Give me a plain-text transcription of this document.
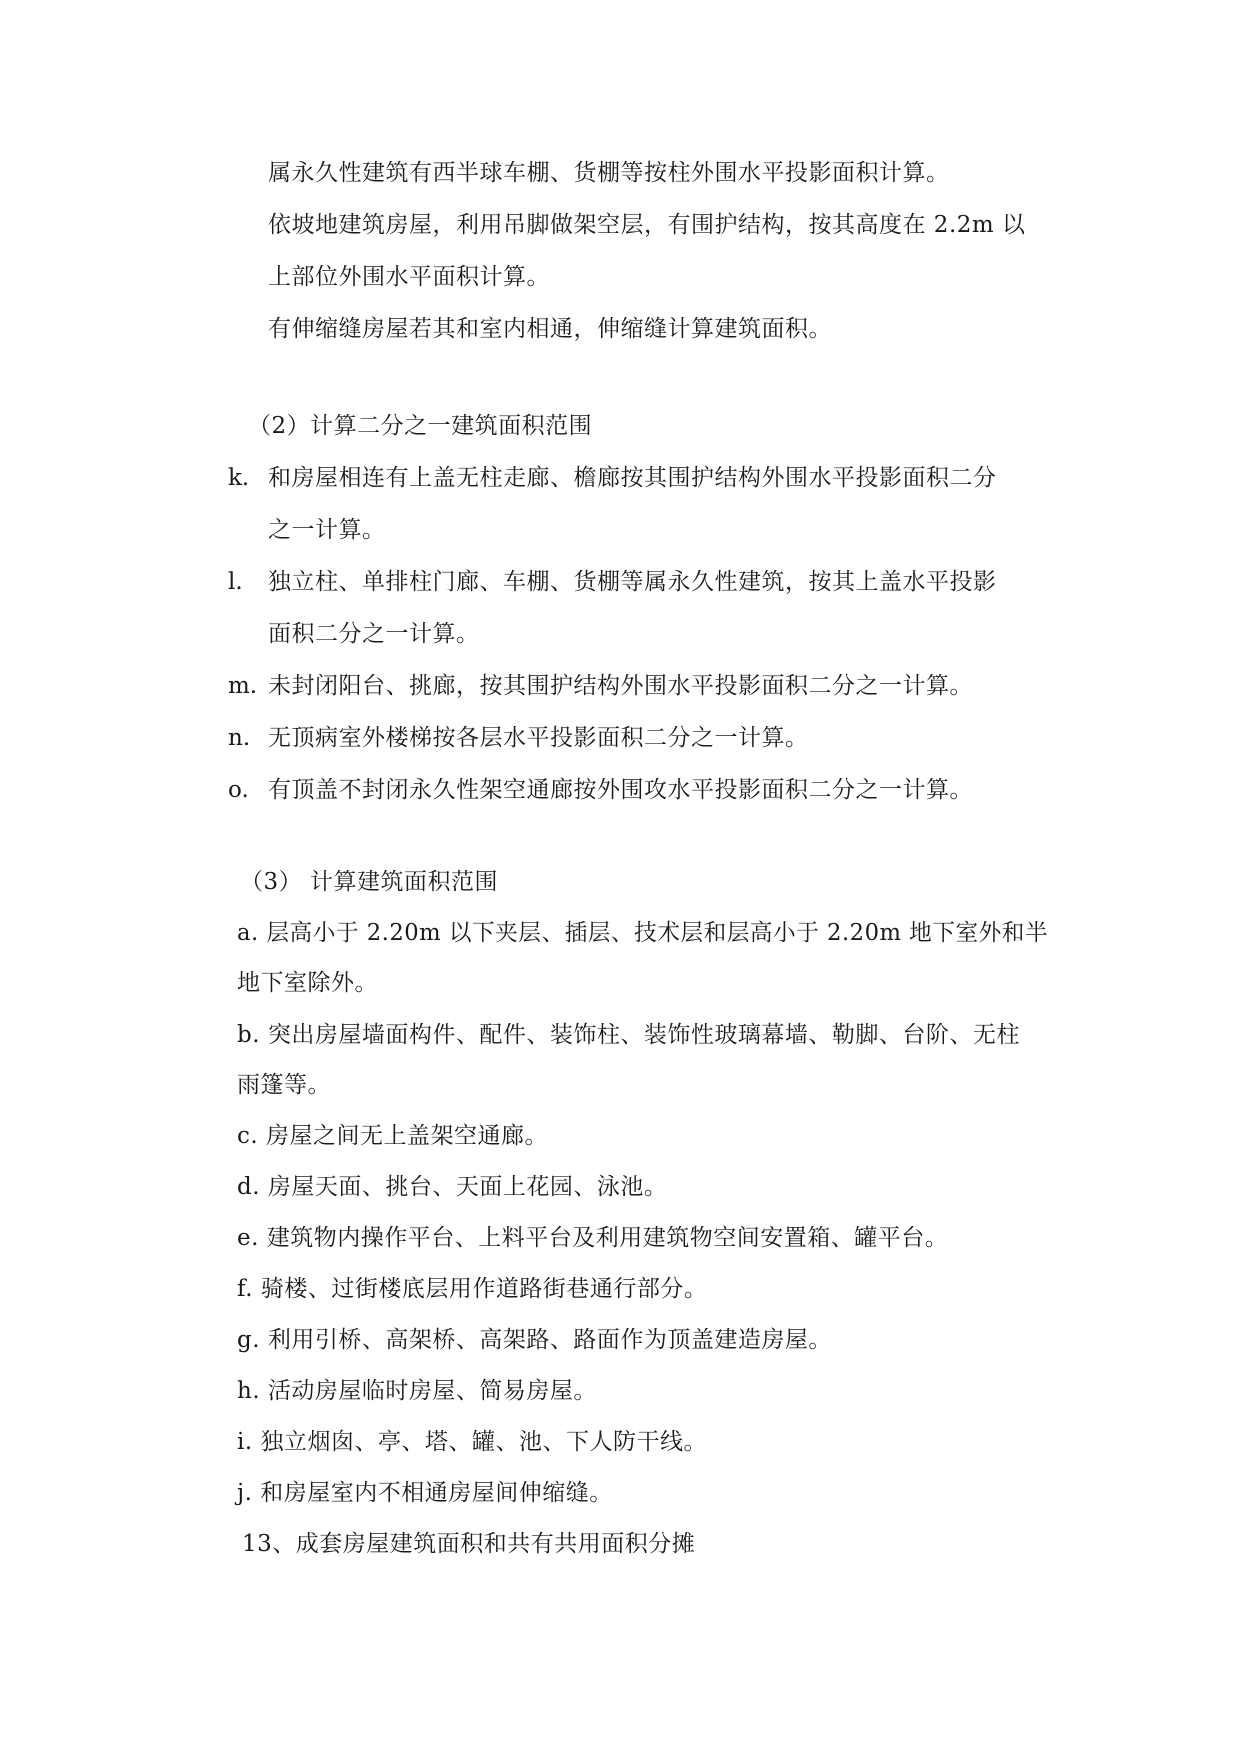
属永久性建筑有西半球车棚、货棚等按柱外围水平投影面积计算。
依坡地建筑房屋，利用吊脚做架空层，有围护结构，按其高度在 2.2m 以
上部位外围水平面积计算。
有伸缩缝房屋若其和室内相通，伸缩缝计算建筑面积。
（2）计算二分之一建筑面积范围
k. 和房屋相连有上盖无柱走廊、檐廊按其围护结构外围水平投影面积二分
之一计算。
l. 独立柱、单排柱门廊、车棚、货棚等属永久性建筑，按其上盖水平投影
面积二分之一计算。
m. 未封闭阳台、挑廊，按其围护结构外围水平投影面积二分之一计算。
n. 无顶病室外楼梯按各层水平投影面积二分之一计算。
o. 有顶盖不封闭永久性架空通廊按外围攻水平投影面积二分之一计算。
（3） 计算建筑面积范围
a. 层高小于 2.20m 以下夹层、插层、技术层和层高小于 2.20m 地下室外和半
地下室除外。
b. 突出房屋墙面构件、配件、装饰柱、装饰性玻璃幕墙、勒脚、台阶、无柱
雨篷等。
c. 房屋之间无上盖架空通廊。
d. 房屋天面、挑台、天面上花园、泳池。
e. 建筑物内操作平台、上料平台及利用建筑物空间安置箱、罐平台。
f. 骑楼、过街楼底层用作道路街巷通行部分。
g. 利用引桥、高架桥、高架路、路面作为顶盖建造房屋。
h. 活动房屋临时房屋、简易房屋。
i. 独立烟囱、亭、塔、罐、池、下人防干线。
j. 和房屋室内不相通房屋间伸缩缝。
13、成套房屋建筑面积和共有共用面积分摊
